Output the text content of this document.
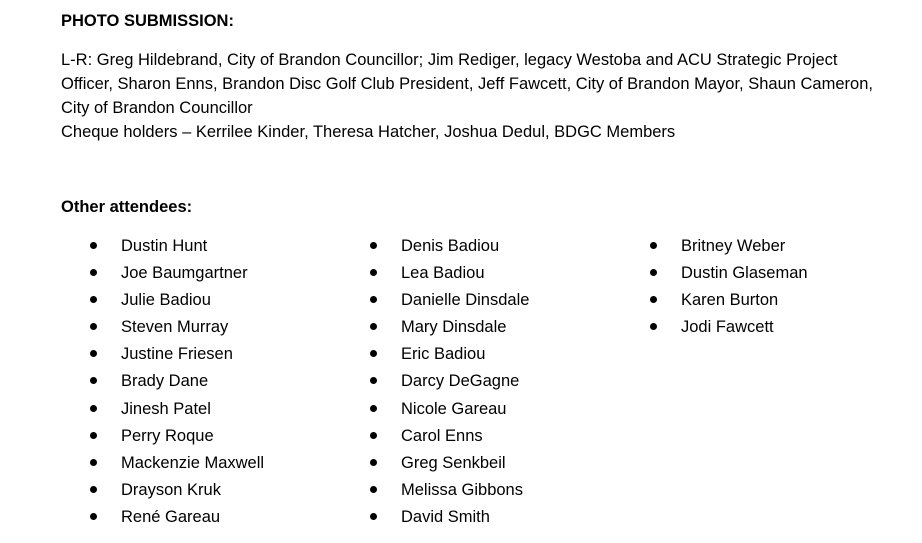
PHOTO SUBMISSION:

L-R: Greg Hildebrand, City of Brandon Councillor; Jim Rediger, legacy Westoba and ACU Strategic Project Officer, Sharon Enns, Brandon Disc Golf Club President, Jeff Fawcett, City of Brandon Mayor, Shaun Cameron, City of Brandon Councillor

Cheque holders – Kerrilee Kinder, Theresa Hatcher, Joshua Dedul, BDGC Members

Other attendees:
Dustin Hunt
Joe Baumgartner
Julie Badiou
Steven Murray
Justine Friesen
Brady Dane
Jinesh Patel
Perry Roque
Mackenzie Maxwell
Drayson Kruk
René Gareau
Denis Badiou
Lea Badiou
Danielle Dinsdale
Mary Dinsdale
Eric Badiou
Darcy DeGagne
Nicole Gareau
Carol Enns
Greg Senkbeil
Melissa Gibbons
David Smith
Britney Weber
Dustin Glaseman
Karen Burton
Jodi Fawcett
